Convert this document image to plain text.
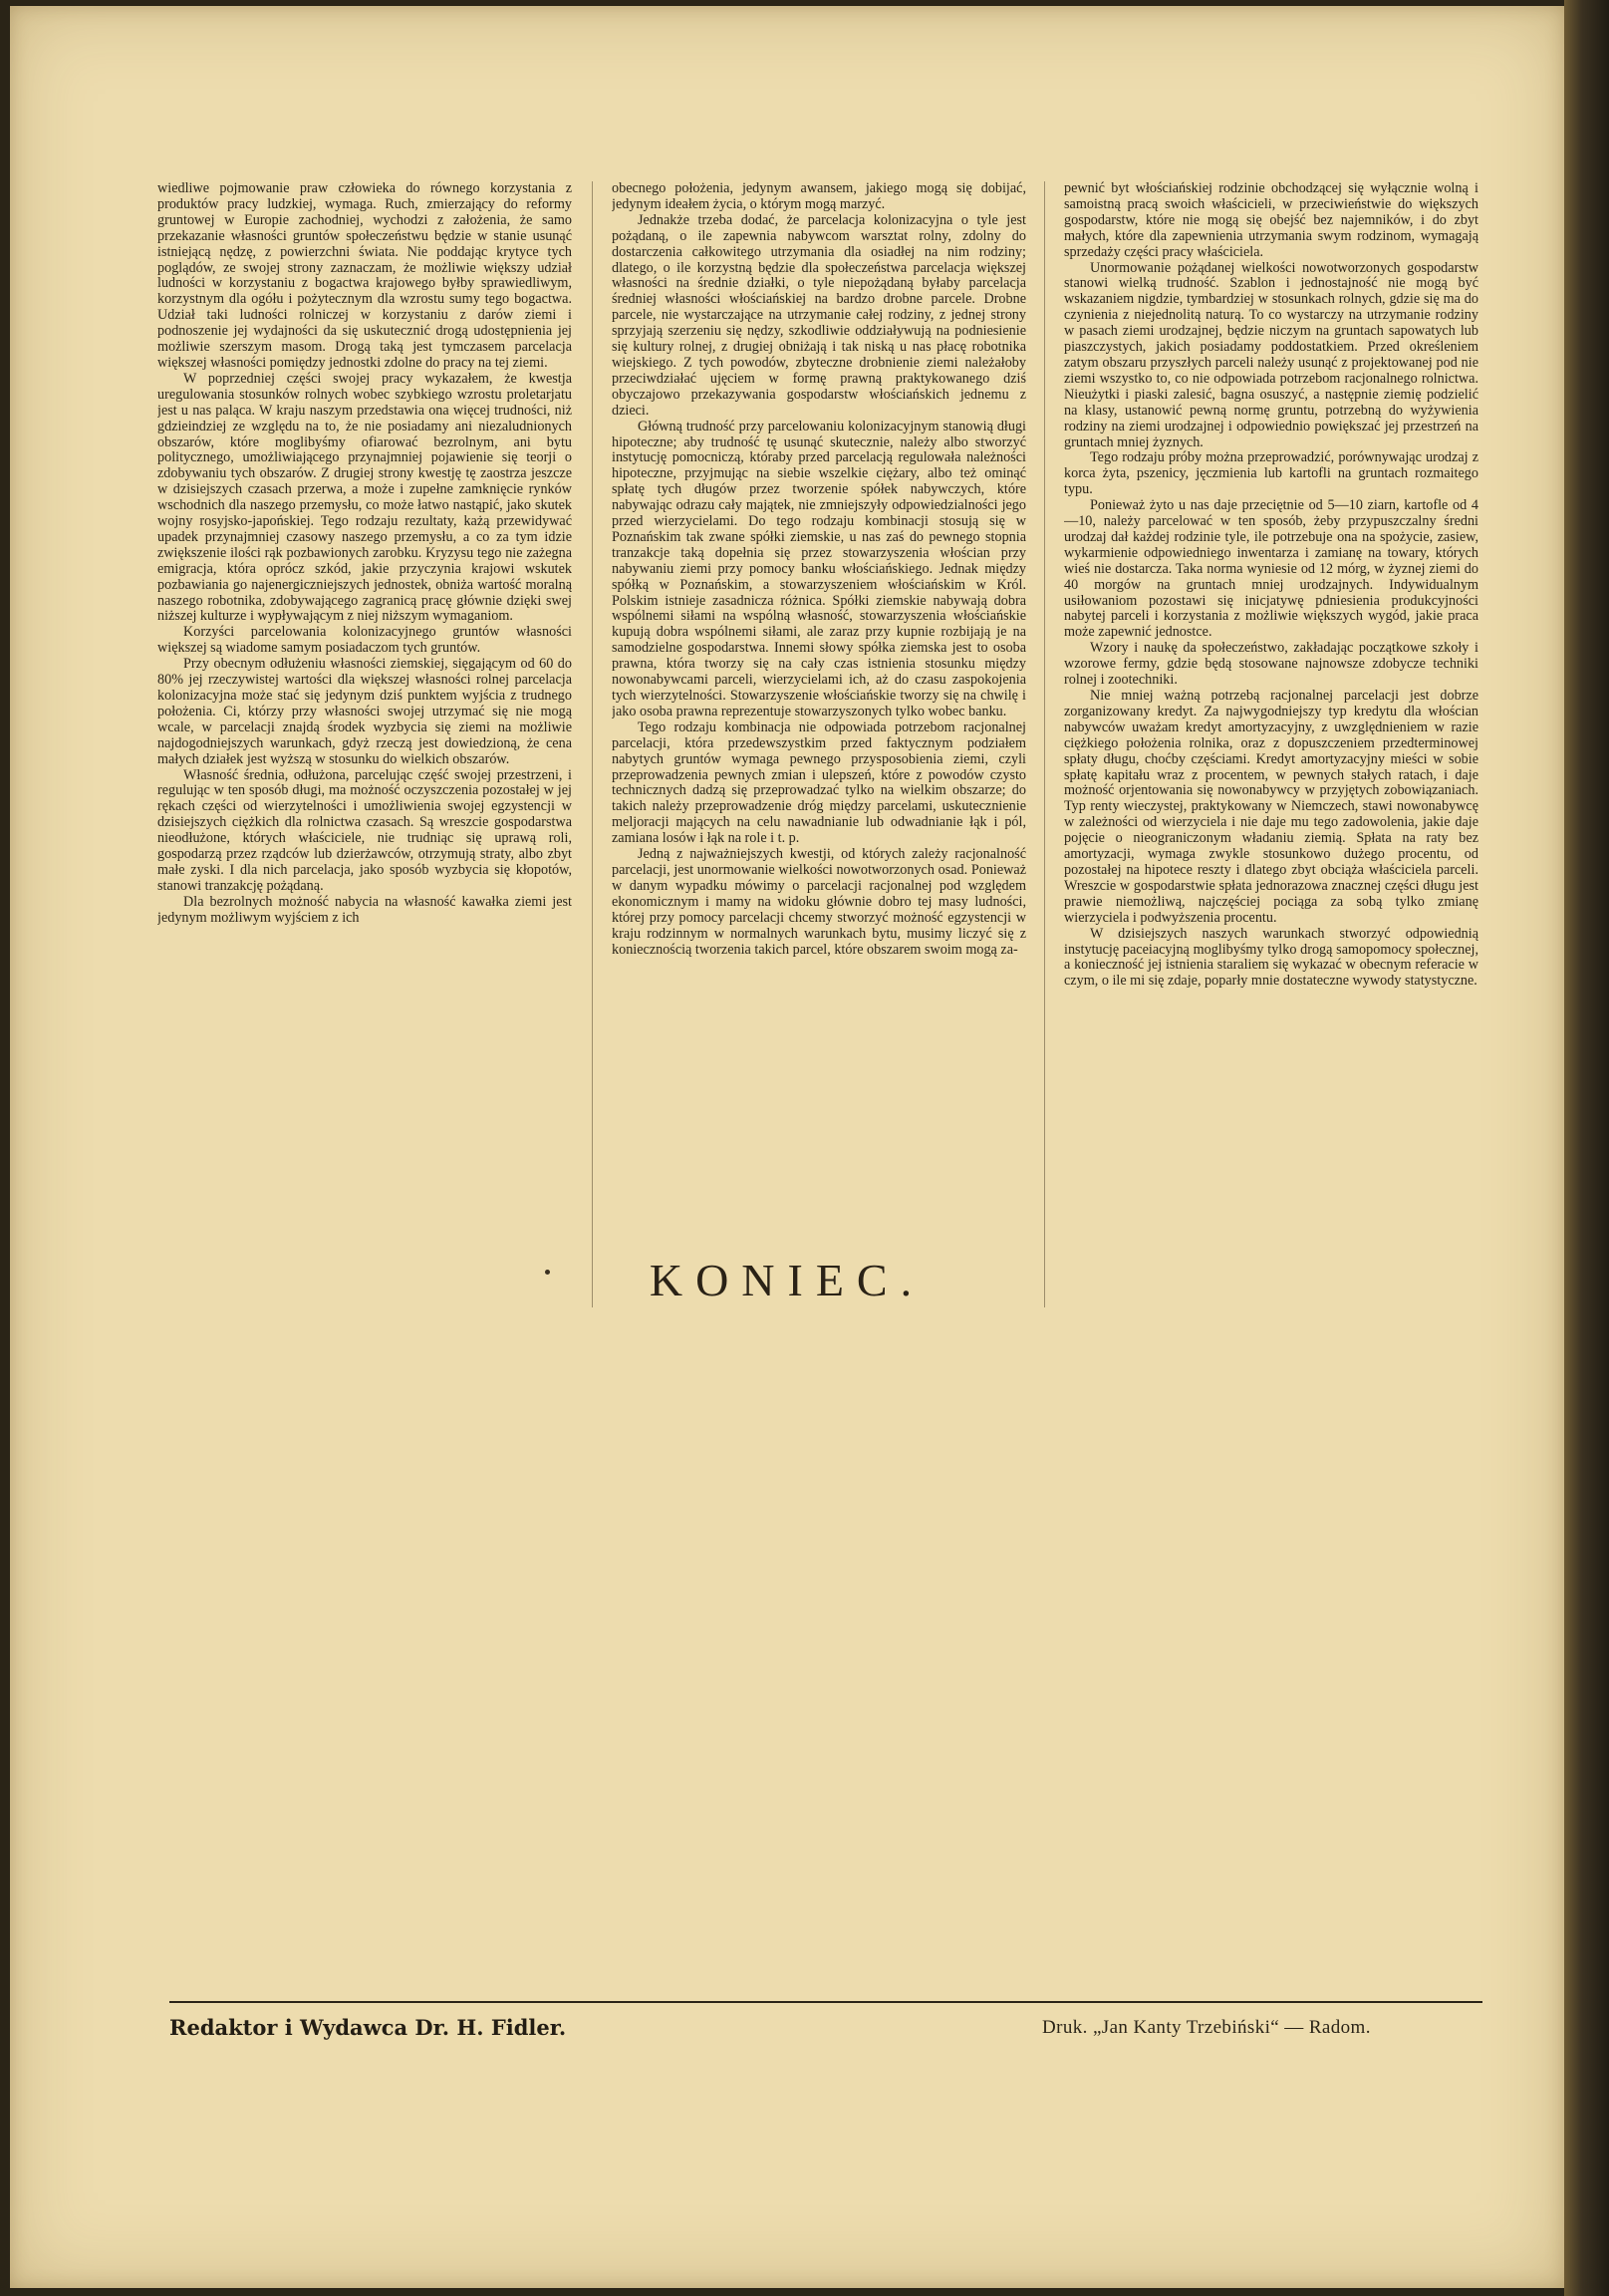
wiedliwe pojmowanie praw człowieka do równego korzystania z produktów pracy ludzkiej, wymaga. Ruch, zmierzający do reformy gruntowej w Europie zachodniej, wychodzi z założenia, że samo przekazanie własności gruntów społeczeństwu będzie w stanie usunąć istniejącą nędzę, z powierzchni świata. Nie poddając krytyce tych poglądów, ze swojej strony zaznaczam, że możliwie większy udział ludności w korzystaniu z bogactwa krajowego byłby sprawiedliwym, korzystnym dla ogółu i pożytecznym dla wzrostu sumy tego bogactwa. Udział taki ludności rolniczej w korzystaniu z darów ziemi i podnoszenie jej wydajności da się uskutecznić drogą udostępnienia jej możliwie szerszym masom. Drogą taką jest tymczasem parcelacja większej własności pomiędzy jednostki zdolne do pracy na tej ziemi.

W poprzedniej części swojej pracy wykazałem, że kwestja uregulowania stosunków rolnych wobec szybkiego wzrostu proletarjatu jest u nas paląca. W kraju naszym przedstawia ona więcej trudności, niż gdzieindziej ze względu na to, że nie posiadamy ani niezaludnionych obszarów, które moglibyśmy ofiarować bezrolnym, ani bytu politycznego, umożliwiającego przynajmniej pojawienie się teorji o zdobywaniu tych obszarów. Z drugiej strony kwestję tę zaostrza jeszcze w dzisiejszych czasach przerwa, a może i zupełne zamknięcie rynków wschodnich dla naszego przemysłu, co może łatwo nastąpić, jako skutek wojny rosyjsko-japońskiej. Tego rodzaju rezultaty, każą przewidywać upadek przynajmniej czasowy naszego przemysłu, a co za tym idzie zwiększenie ilości rąk pozbawionych zarobku. Kryzysu tego nie zażegna emigracja, która oprócz szkód, jakie przyczynia krajowi wskutek pozbawiania go najenergiczniejszych jednostek, obniża wartość moralną naszego robotnika, zdobywającego zagranicą pracę głównie dzięki swej niższej kulturze i wypływającym z niej niższym wymaganiom.

Korzyści parcelowania kolonizacyjnego gruntów własności większej są wiadome samym posiadaczom tych gruntów.

Przy obecnym odłużeniu własności ziemskiej, sięgającym od 60 do 80% jej rzeczywistej wartości dla większej własności rolnej parcelacja kolonizacyjna może stać się jedynym dziś punktem wyjścia z trudnego położenia. Ci, którzy przy własności swojej utrzymać się nie mogą wcale, w parcelacji znajdą środek wyzbycia się ziemi na możliwie najdogodniejszych warunkach, gdyż rzeczą jest dowiedzioną, że cena małych działek jest wyższą w stosunku do wielkich obszarów.

Własność średnia, odłużona, parcelując część swojej przestrzeni, i regulując w ten sposób długi, ma możność oczyszczenia pozostałej w jej rękach części od wierzytelności i umożliwienia swojej egzystencji w dzisiejszych ciężkich dla rolnictwa czasach. Są wreszcie gospodarstwa nieodłużone, których właściciele, nie trudniąc się uprawą roli, gospodarzą przez rządców lub dzierżawców, otrzymują straty, albo zbyt małe zyski. I dla nich parcelacja, jako sposób wyzbycia się kłopotów, stanowi tranzakcję pożądaną.

Dla bezrolnych możność nabycia na własność kawałka ziemi jest jedynym możliwym wyjściem z ich

obecnego położenia, jedynym awansem, jakiego mogą się dobijać, jedynym ideałem życia, o którym mogą marzyć.

Jednakże trzeba dodać, że parcelacja kolonizacyjna o tyle jest pożądaną, o ile zapewnia nabywcom warsztat rolny, zdolny do dostarczenia całkowitego utrzymania dla osiadłej na nim rodziny; dlatego, o ile korzystną będzie dla społeczeństwa parcelacja większej własności na średnie działki, o tyle niepożądaną byłaby parcelacja średniej własności włościańskiej na bardzo drobne parcele. Drobne parcele, nie wystarczające na utrzymanie całej rodziny, z jednej strony sprzyjają szerzeniu się nędzy, szkodliwie oddziaływują na podniesienie się kultury rolnej, z drugiej obniżają i tak niską u nas płacę robotnika wiejskiego. Z tych powodów, zbyteczne drobnienie ziemi należałoby przeciwdziałać ujęciem w formę prawną praktykowanego dziś obyczajowo przekazywania gospodarstw włościańskich jednemu z dzieci.

Główną trudność przy parcelowaniu kolonizacyjnym stanowią długi hipoteczne; aby trudność tę usunąć skutecznie, należy albo stworzyć instytucję pomocniczą, któraby przed parcelacją regulowała należności hipoteczne, przyjmując na siebie wszelkie ciężary, albo też ominąć spłatę tych długów przez tworzenie spółek nabywczych, które nabywając odrazu cały majątek, nie zmniejszyły odpowiedzialności jego przed wierzycielami. Do tego rodzaju kombinacji stosują się w Poznańskim tak zwane spółki ziemskie, u nas zaś do pewnego stopnia tranzakcje taką dopełnia się przez stowarzyszenia włościan przy nabywaniu ziemi przy pomocy banku włościańskiego. Jednak między spółką w Poznańskim, a stowarzyszeniem włościańskim w Król. Polskim istnieje zasadnicza różnica. Spółki ziemskie nabywają dobra wspólnemi siłami na wspólną własność, stowarzyszenia włościańskie kupują dobra wspólnemi siłami, ale zaraz przy kupnie rozbijają je na samodzielne gospodarstwa. Innemi słowy spółka ziemska jest to osoba prawna, która tworzy się na cały czas istnienia stosunku między nowonabywcami parceli, wierzycielami ich, aż do czasu zaspokojenia tych wierzytelności. Stowarzyszenie włościańskie tworzy się na chwilę i jako osoba prawna reprezentuje stowarzyszonych tylko wobec banku.

Tego rodzaju kombinacja nie odpowiada potrzebom racjonalnej parcelacji, która przedewszystkim przed faktycznym podziałem nabytych gruntów wymaga pewnego przysposobienia ziemi, czyli przeprowadzenia pewnych zmian i ulepszeń, które z powodów czysto technicznych dadzą się przeprowadzać tylko na wielkim obszarze; do takich należy przeprowadzenie dróg między parcelami, uskutecznienie meljoracji mających na celu nawadnianie lub odwadnianie łąk i pól, zamiana losów i łąk na role i t. p.

Jedną z najważniejszych kwestji, od których zależy racjonalność parcelacji, jest unormowanie wielkości nowotworzonych osad. Ponieważ w danym wypadku mówimy o parcelacji racjonalnej pod względem ekonomicznym i mamy na widoku głównie dobro tej masy ludności, której przy pomocy parcelacji chcemy stworzyć możność egzystencji w kraju rodzinnym w normalnych warunkach bytu, musimy liczyć się z koniecznością tworzenia takich parcel, które obszarem swoim mogą za-

pewnić byt włościańskiej rodzinie obchodzącej się wyłącznie wolną i samoistną pracą swoich właścicieli, w przeciwieństwie do większych gospodarstw, które nie mogą się obejść bez najemników, i do zbyt małych, które dla zapewnienia utrzymania swym rodzinom, wymagają sprzedaży części pracy właściciela.

Unormowanie pożądanej wielkości nowotworzonych gospodarstw stanowi wielką trudność. Szablon i jednostajność nie mogą być wskazaniem nigdzie, tymbardziej w stosunkach rolnych, gdzie się ma do czynienia z niejednolitą naturą. To co wystarczy na utrzymanie rodziny w pasach ziemi urodzajnej, będzie niczym na gruntach sapowatych lub piaszczystych, jakich posiadamy poddostatkiem. Przed określeniem zatym obszaru przyszłych parceli należy usunąć z projektowanej pod nie ziemi wszystko to, co nie odpowiada potrzebom racjonalnego rolnictwa. Nieużytki i piaski zalesić, bagna osuszyć, a następnie ziemię podzielić na klasy, ustanowić pewną normę gruntu, potrzebną do wyżywienia rodziny na ziemi urodzajnej i odpowiednio powiększać jej przestrzeń na gruntach mniej żyznych.

Tego rodzaju próby można przeprowadzić, porównywając urodzaj z korca żyta, pszenicy, jęczmienia lub kartofli na gruntach rozmaitego typu.

Ponieważ żyto u nas daje przeciętnie od 5—10 ziarn, kartofle od 4—10, należy parcelować w ten sposób, żeby przypuszczalny średni urodzaj dał każdej rodzinie tyle, ile potrzebuje ona na spożycie, zasiew, wykarmienie odpowiedniego inwentarza i zamianę na towary, których wieś nie dostarcza. Taka norma wyniesie od 12 mórg, w żyznej ziemi do 40 morgów na gruntach mniej urodzajnych. Indywidualnym usiłowaniom pozostawi się inicjatywę pdniesienia produkcyjności nabytej parceli i korzystania z możliwie większych wygód, jakie praca może zapewnić jednostce.

Wzory i naukę da społeczeństwo, zakładając początkowe szkoły i wzorowe fermy, gdzie będą stosowane najnowsze zdobycze techniki rolnej i zootechniki.

Nie mniej ważną potrzebą racjonalnej parcelacji jest dobrze zorganizowany kredyt. Za najwygodniejszy typ kredytu dla włościan nabywców uważam kredyt amortyzacyjny, z uwzględnieniem w razie ciężkiego położenia rolnika, oraz z dopuszczeniem przedterminowej spłaty długu, choćby częściami. Kredyt amortyzacyjny mieści w sobie spłatę kapitału wraz z procentem, w pewnych stałych ratach, i daje możność orjentowania się nowonabywcy w przyjętych zobowiązaniach. Typ renty wieczystej, praktykowany w Niemczech, stawi nowonabywcę w zależności od wierzyciela i nie daje mu tego zadowolenia, jakie daje pojęcie o nieograniczonym władaniu ziemią. Spłata na raty bez amortyzacji, wymaga zwykle stosunkowo dużego procentu, od pozostałej na hipotece reszty i dlatego zbyt obciąża właściciela parceli. Wreszcie w gospodarstwie spłata jednorazowa znacznej części długu jest prawie niemożliwą, najczęściej pociąga za sobą tylko zmianę wierzyciela i podwyższenia procentu.

W dzisiejszych naszych warunkach stworzyć odpowiednią instytucję paceiacyjną moglibyśmy tylko drogą samopomocy społecznej, a konieczność jej istnienia staraliem się wykazać w obecnym referacie w czym, o ile mi się zdaje, poparły mnie dostateczne wywody statystyczne.

KONIEC.
Redaktor i Wydawca Dr. H. Fidler.	Druk. „Jan Kanty Trzebiński“ — Radom.
